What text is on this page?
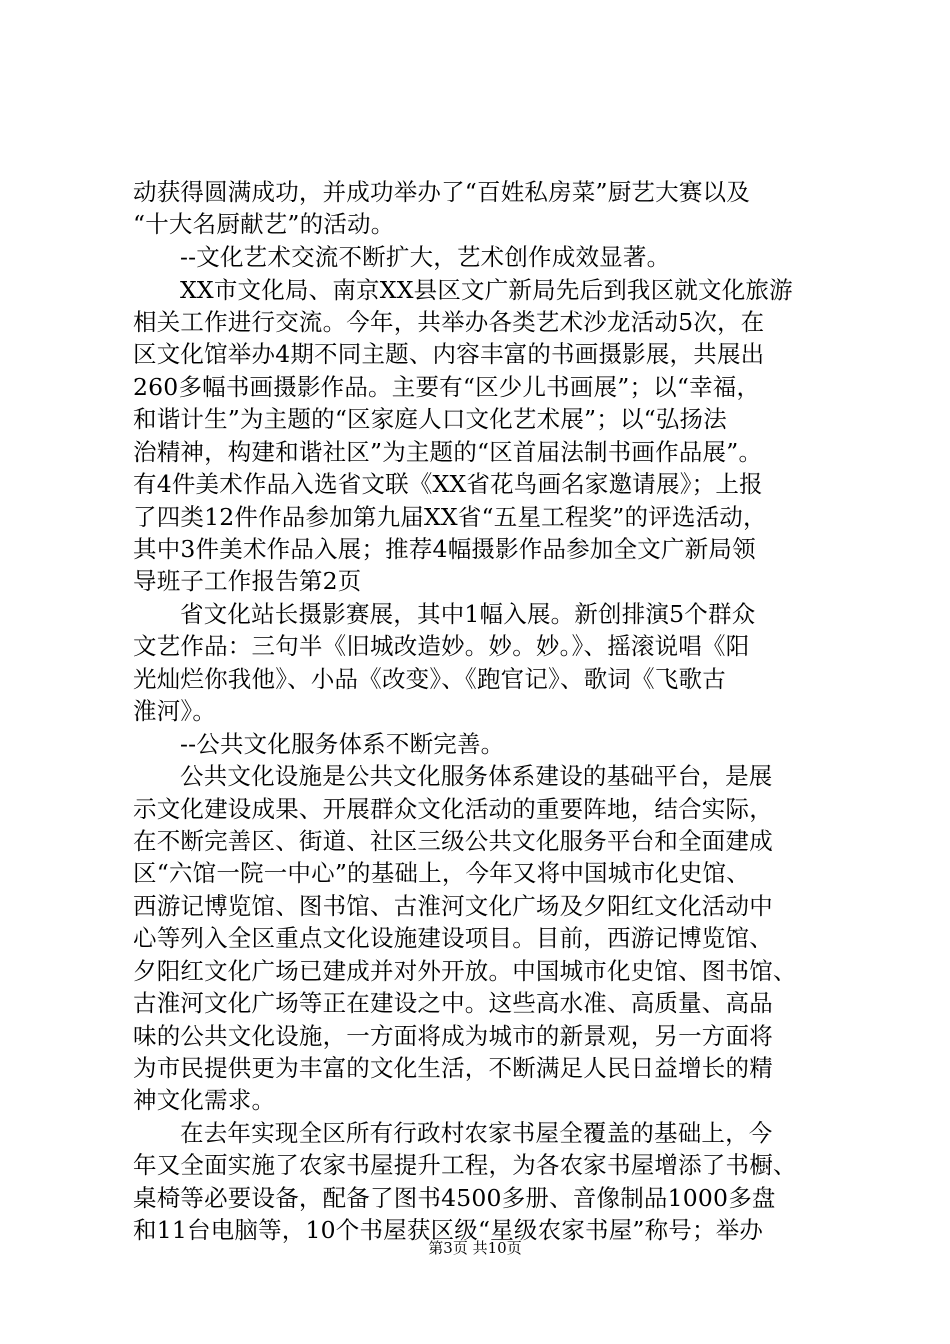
动获得圆满成功，并成功举办了“百姓私房菜”厨艺大赛以及
“十大名厨献艺”的活动。
--文化艺术交流不断扩大，艺术创作成效显著。
XX市文化局、南京XX县区文广新局先后到我区就文化旅游
相关工作进行交流。今年，共举办各类艺术沙龙活动5次，在
区文化馆举办4期不同主题、内容丰富的书画摄影展，共展出
260多幅书画摄影作品。主要有“区少儿书画展”；以“幸福，
和谐计生”为主题的“区家庭人口文化艺术展”；以“弘扬法
治精神，构建和谐社区”为主题的“区首届法制书画作品展”。
有4件美术作品入选省文联《XX省花鸟画名家邀请展》；上报
了四类12件作品参加第九届XX省“五星工程奖”的评选活动，
其中3件美术作品入展；推荐4幅摄影作品参加全文广新局领
导班子工作报告第2页
省文化站长摄影赛展，其中1幅入展。新创排演5个群众
文艺作品：三句半《旧城改造妙。妙。妙。》、摇滚说唱《阳
光灿烂你我他》、小品《改变》、《跑官记》、歌词《飞歌古
淮河》。
--公共文化服务体系不断完善。
公共文化设施是公共文化服务体系建设的基础平台，是展
示文化建设成果、开展群众文化活动的重要阵地，结合实际，
在不断完善区、街道、社区三级公共文化服务平台和全面建成
区“六馆一院一中心”的基础上，今年又将中国城市化史馆、
西游记博览馆、图书馆、古淮河文化广场及夕阳红文化活动中
心等列入全区重点文化设施建设项目。目前，西游记博览馆、
夕阳红文化广场已建成并对外开放。中国城市化史馆、图书馆、
古淮河文化广场等正在建设之中。这些高水准、高质量、高品
味的公共文化设施，一方面将成为城市的新景观，另一方面将
为市民提供更为丰富的文化生活，不断满足人民日益增长的精
神文化需求。
在去年实现全区所有行政村农家书屋全覆盖的基础上，今
年又全面实施了农家书屋提升工程，为各农家书屋增添了书橱、
桌椅等必要设备，配备了图书4500多册、音像制品1000多盘
和11台电脑等，10个书屋获区级“星级农家书屋”称号；举办
第3页 共10页
